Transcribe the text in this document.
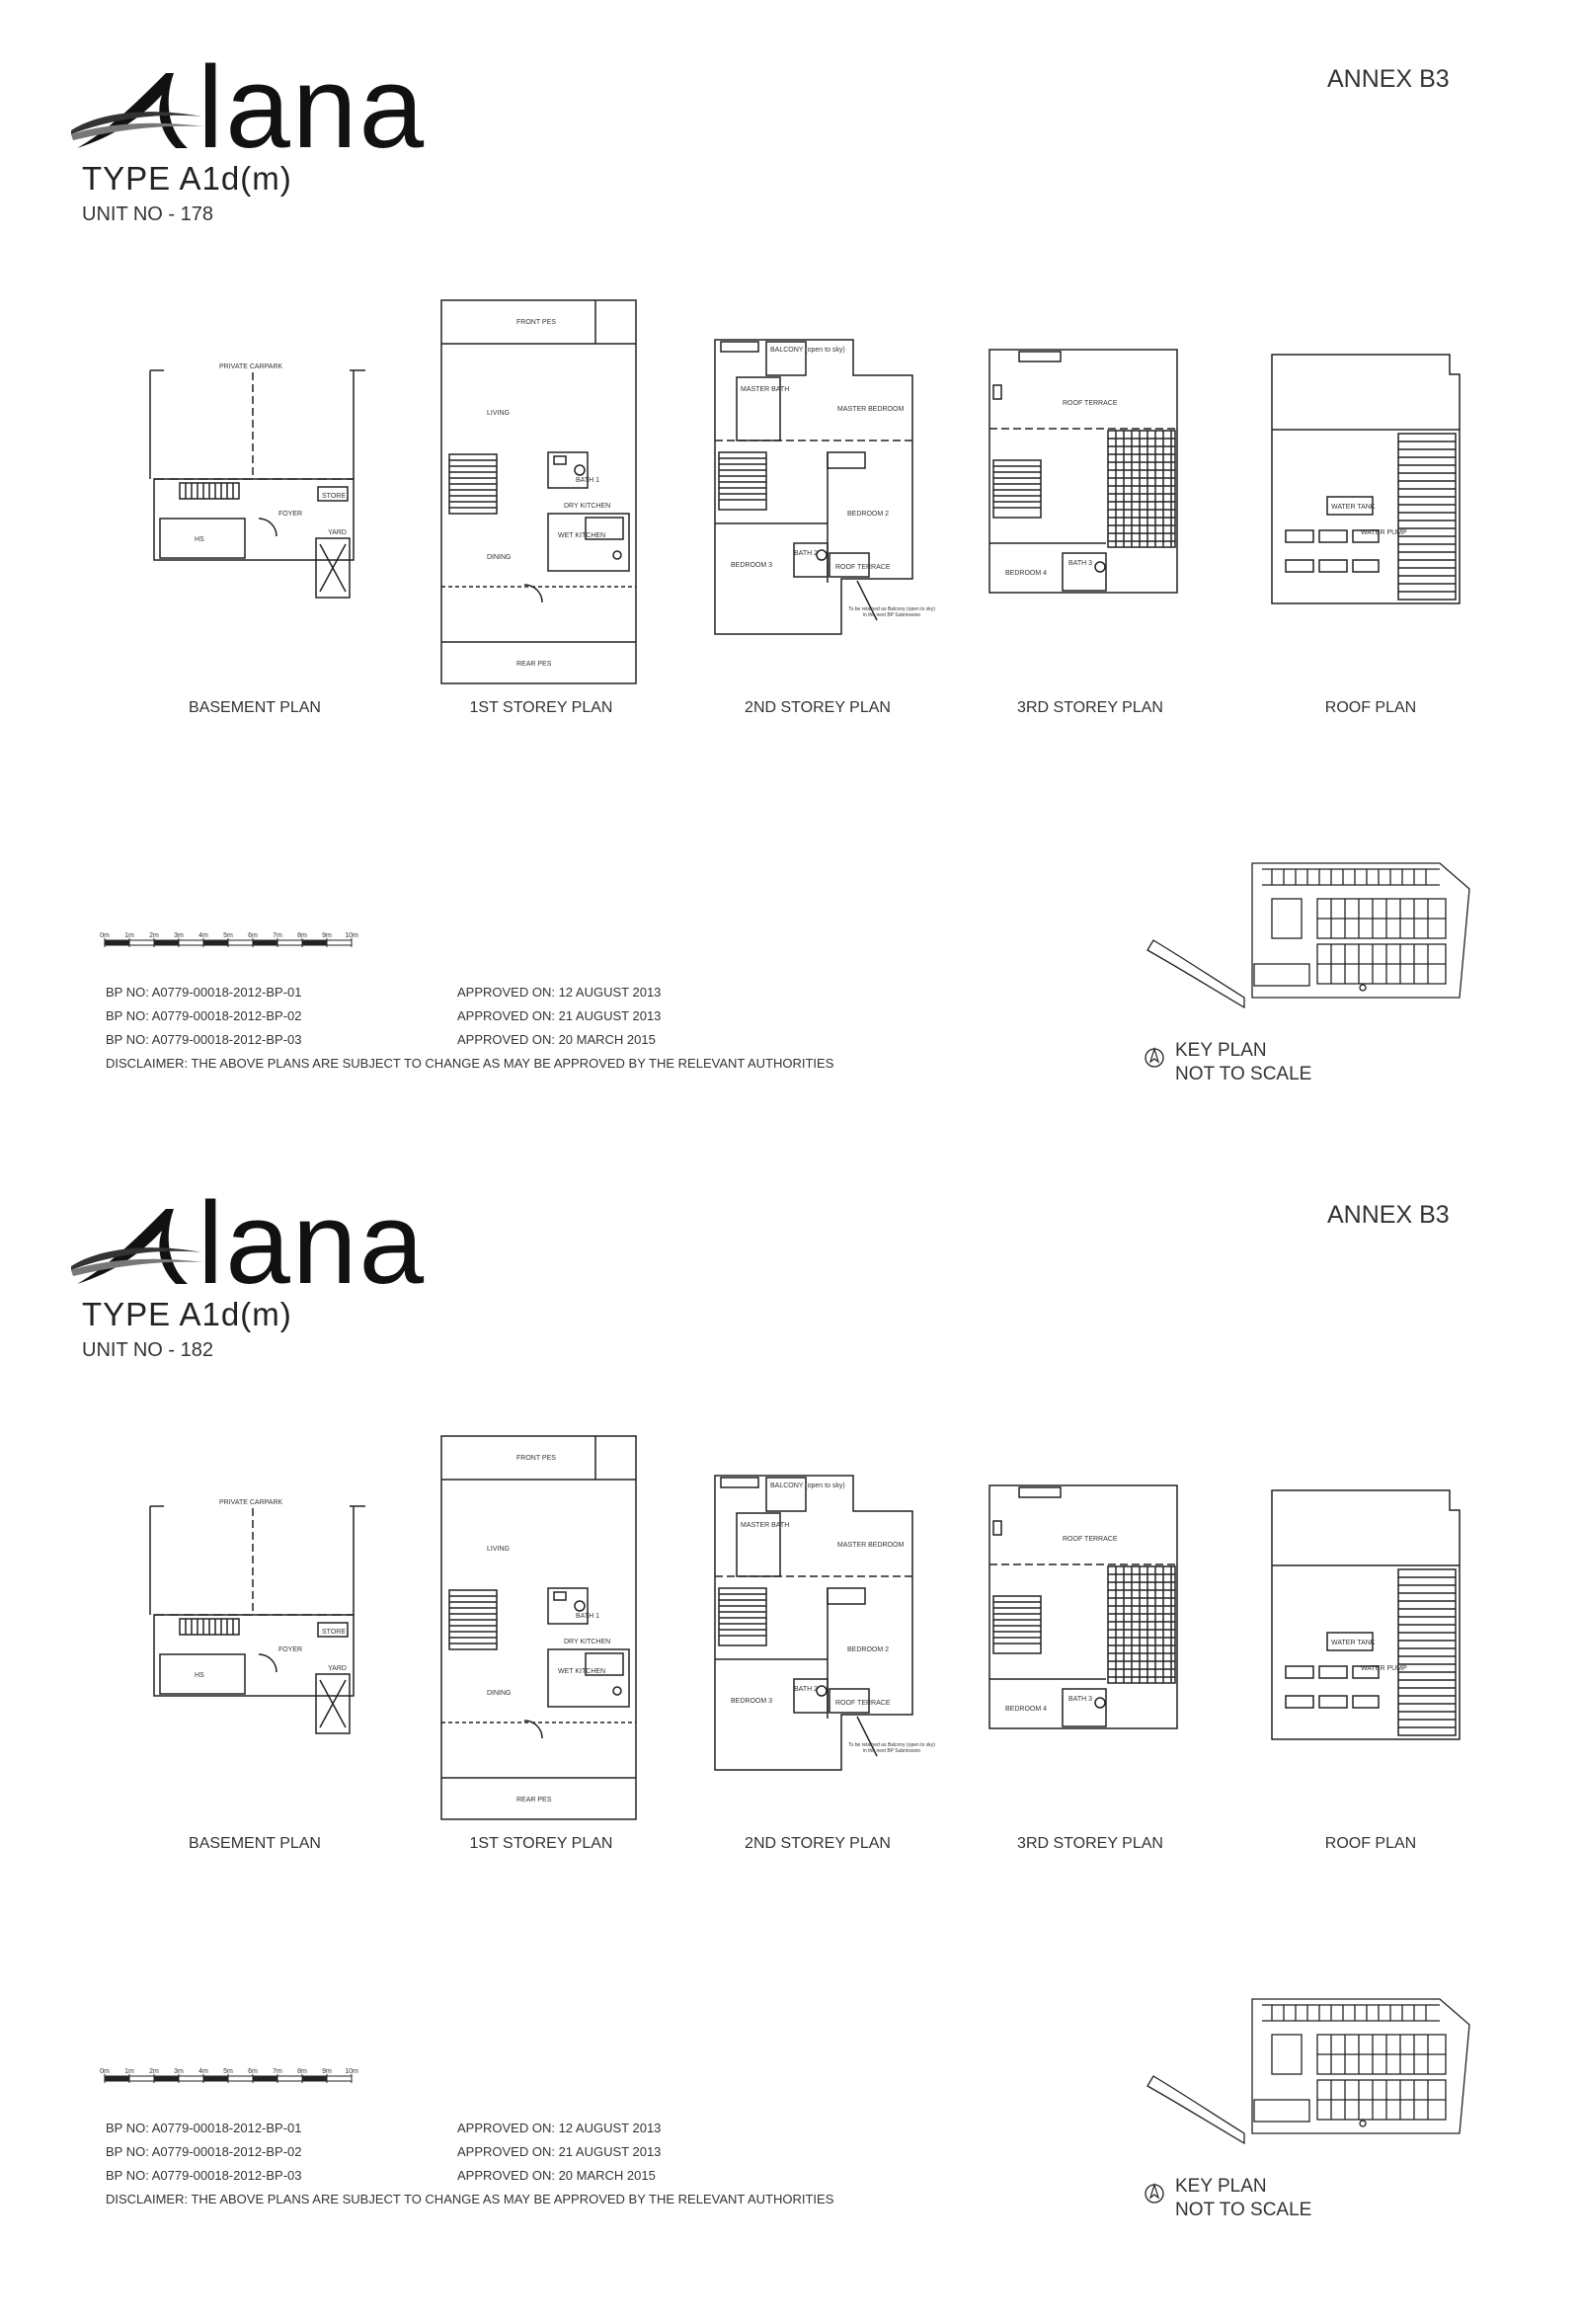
lana
TYPE A1d(m)
UNIT NO - 178
ANNEX B3
PRIVATE CARPARK
STORE
FOYER
HS
YARD
BASEMENT PLAN
FRONT PES
LIVING
BATH 1
DRY KITCHEN
DINING
WET KITCHEN
REAR PES
1ST STOREY PLAN
BALCONY (open to sky)
MASTER BATH
MASTER BEDROOM
BEDROOM 2
BEDROOM 3
BATH 2
ROOF TERRACE
To be retained as Balcony (open to sky) in the next BP Submission
2ND STOREY PLAN
ROOF TERRACE
BEDROOM 4
BATH 3
3RD STOREY PLAN
WATER TANK
WATER PUMP
ROOF PLAN
0m 1m 2m 3m 4m 5m 6m 7m 8m 9m 10m
BP NO: A0779-00018-2012-BP-01	APPROVED ON: 12 AUGUST 2013
BP NO: A0779-00018-2012-BP-02	APPROVED ON: 21 AUGUST 2013
BP NO: A0779-00018-2012-BP-03	APPROVED ON: 20 MARCH 2015
DISCLAIMER: THE ABOVE PLANS ARE SUBJECT TO CHANGE AS MAY BE APPROVED BY THE RELEVANT AUTHORITIES
KEY PLAN
NOT TO SCALE
lana
TYPE A1d(m)
UNIT NO - 182
ANNEX B3
PRIVATE CARPARK
STORE
FOYER
HS
YARD
BASEMENT PLAN
FRONT PES
LIVING
BATH 1
DRY KITCHEN
DINING
WET KITCHEN
REAR PES
1ST STOREY PLAN
BALCONY (open to sky)
MASTER BATH
MASTER BEDROOM
BEDROOM 2
BEDROOM 3
BATH 2
ROOF TERRACE
To be retained as Balcony (open to sky) in the next BP Submission
2ND STOREY PLAN
ROOF TERRACE
BEDROOM 4
BATH 3
3RD STOREY PLAN
WATER TANK
WATER PUMP
ROOF PLAN
0m 1m 2m 3m 4m 5m 6m 7m 8m 9m 10m
BP NO: A0779-00018-2012-BP-01	APPROVED ON: 12 AUGUST 2013
BP NO: A0779-00018-2012-BP-02	APPROVED ON: 21 AUGUST 2013
BP NO: A0779-00018-2012-BP-03	APPROVED ON: 20 MARCH 2015
DISCLAIMER: THE ABOVE PLANS ARE SUBJECT TO CHANGE AS MAY BE APPROVED BY THE RELEVANT AUTHORITIES
KEY PLAN
NOT TO SCALE
